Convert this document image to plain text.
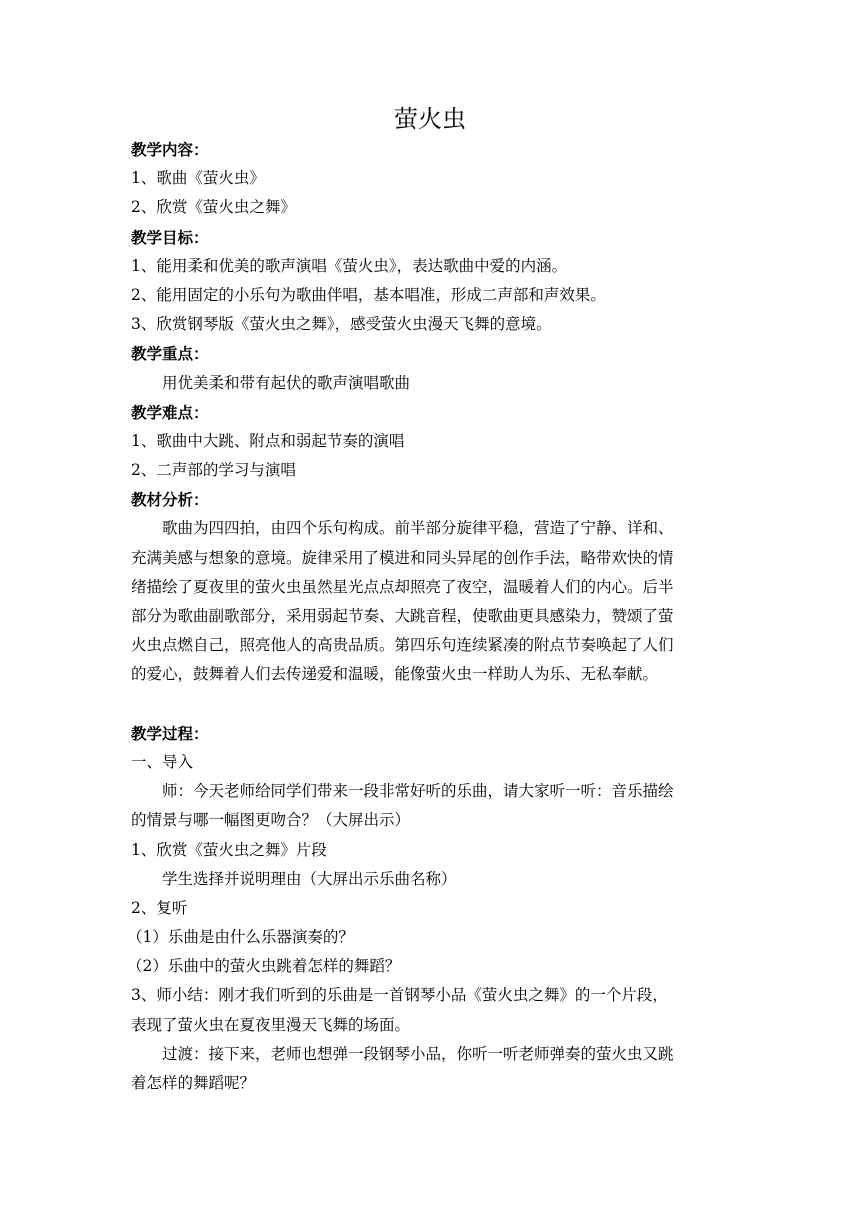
萤火虫
教学内容：
1、歌曲《萤火虫》
2、欣赏《萤火虫之舞》
教学目标：
1、能用柔和优美的歌声演唱《萤火虫》，表达歌曲中爱的内涵。
2、能用固定的小乐句为歌曲伴唱，基本唱准，形成二声部和声效果。
3、欣赏钢琴版《萤火虫之舞》，感受萤火虫漫天飞舞的意境。
教学重点：
用优美柔和带有起伏的歌声演唱歌曲
教学难点：
1、歌曲中大跳、附点和弱起节奏的演唱
2、二声部的学习与演唱
教材分析：
歌曲为四四拍，由四个乐句构成。前半部分旋律平稳，营造了宁静、详和、
充满美感与想象的意境。旋律采用了模进和同头异尾的创作手法，略带欢快的情
绪描绘了夏夜里的萤火虫虽然星光点点却照亮了夜空，温暖着人们的内心。后半
部分为歌曲副歌部分，采用弱起节奏、大跳音程，使歌曲更具感染力，赞颂了萤
火虫点燃自己，照亮他人的高贵品质。第四乐句连续紧凑的附点节奏唤起了人们
的爱心，鼓舞着人们去传递爱和温暖，能像萤火虫一样助人为乐、无私奉献。
教学过程：
一、导入
师：今天老师给同学们带来一段非常好听的乐曲，请大家听一听：音乐描绘
的情景与哪一幅图更吻合？（大屏出示）
1、欣赏《萤火虫之舞》片段
学生选择并说明理由（大屏出示乐曲名称）
2、复听
（1）乐曲是由什么乐器演奏的？
（2）乐曲中的萤火虫跳着怎样的舞蹈？
3、师小结：刚才我们听到的乐曲是一首钢琴小品《萤火虫之舞》的一个片段，
表现了萤火虫在夏夜里漫天飞舞的场面。
过渡：接下来，老师也想弹一段钢琴小品，你听一听老师弹奏的萤火虫又跳
着怎样的舞蹈呢？
